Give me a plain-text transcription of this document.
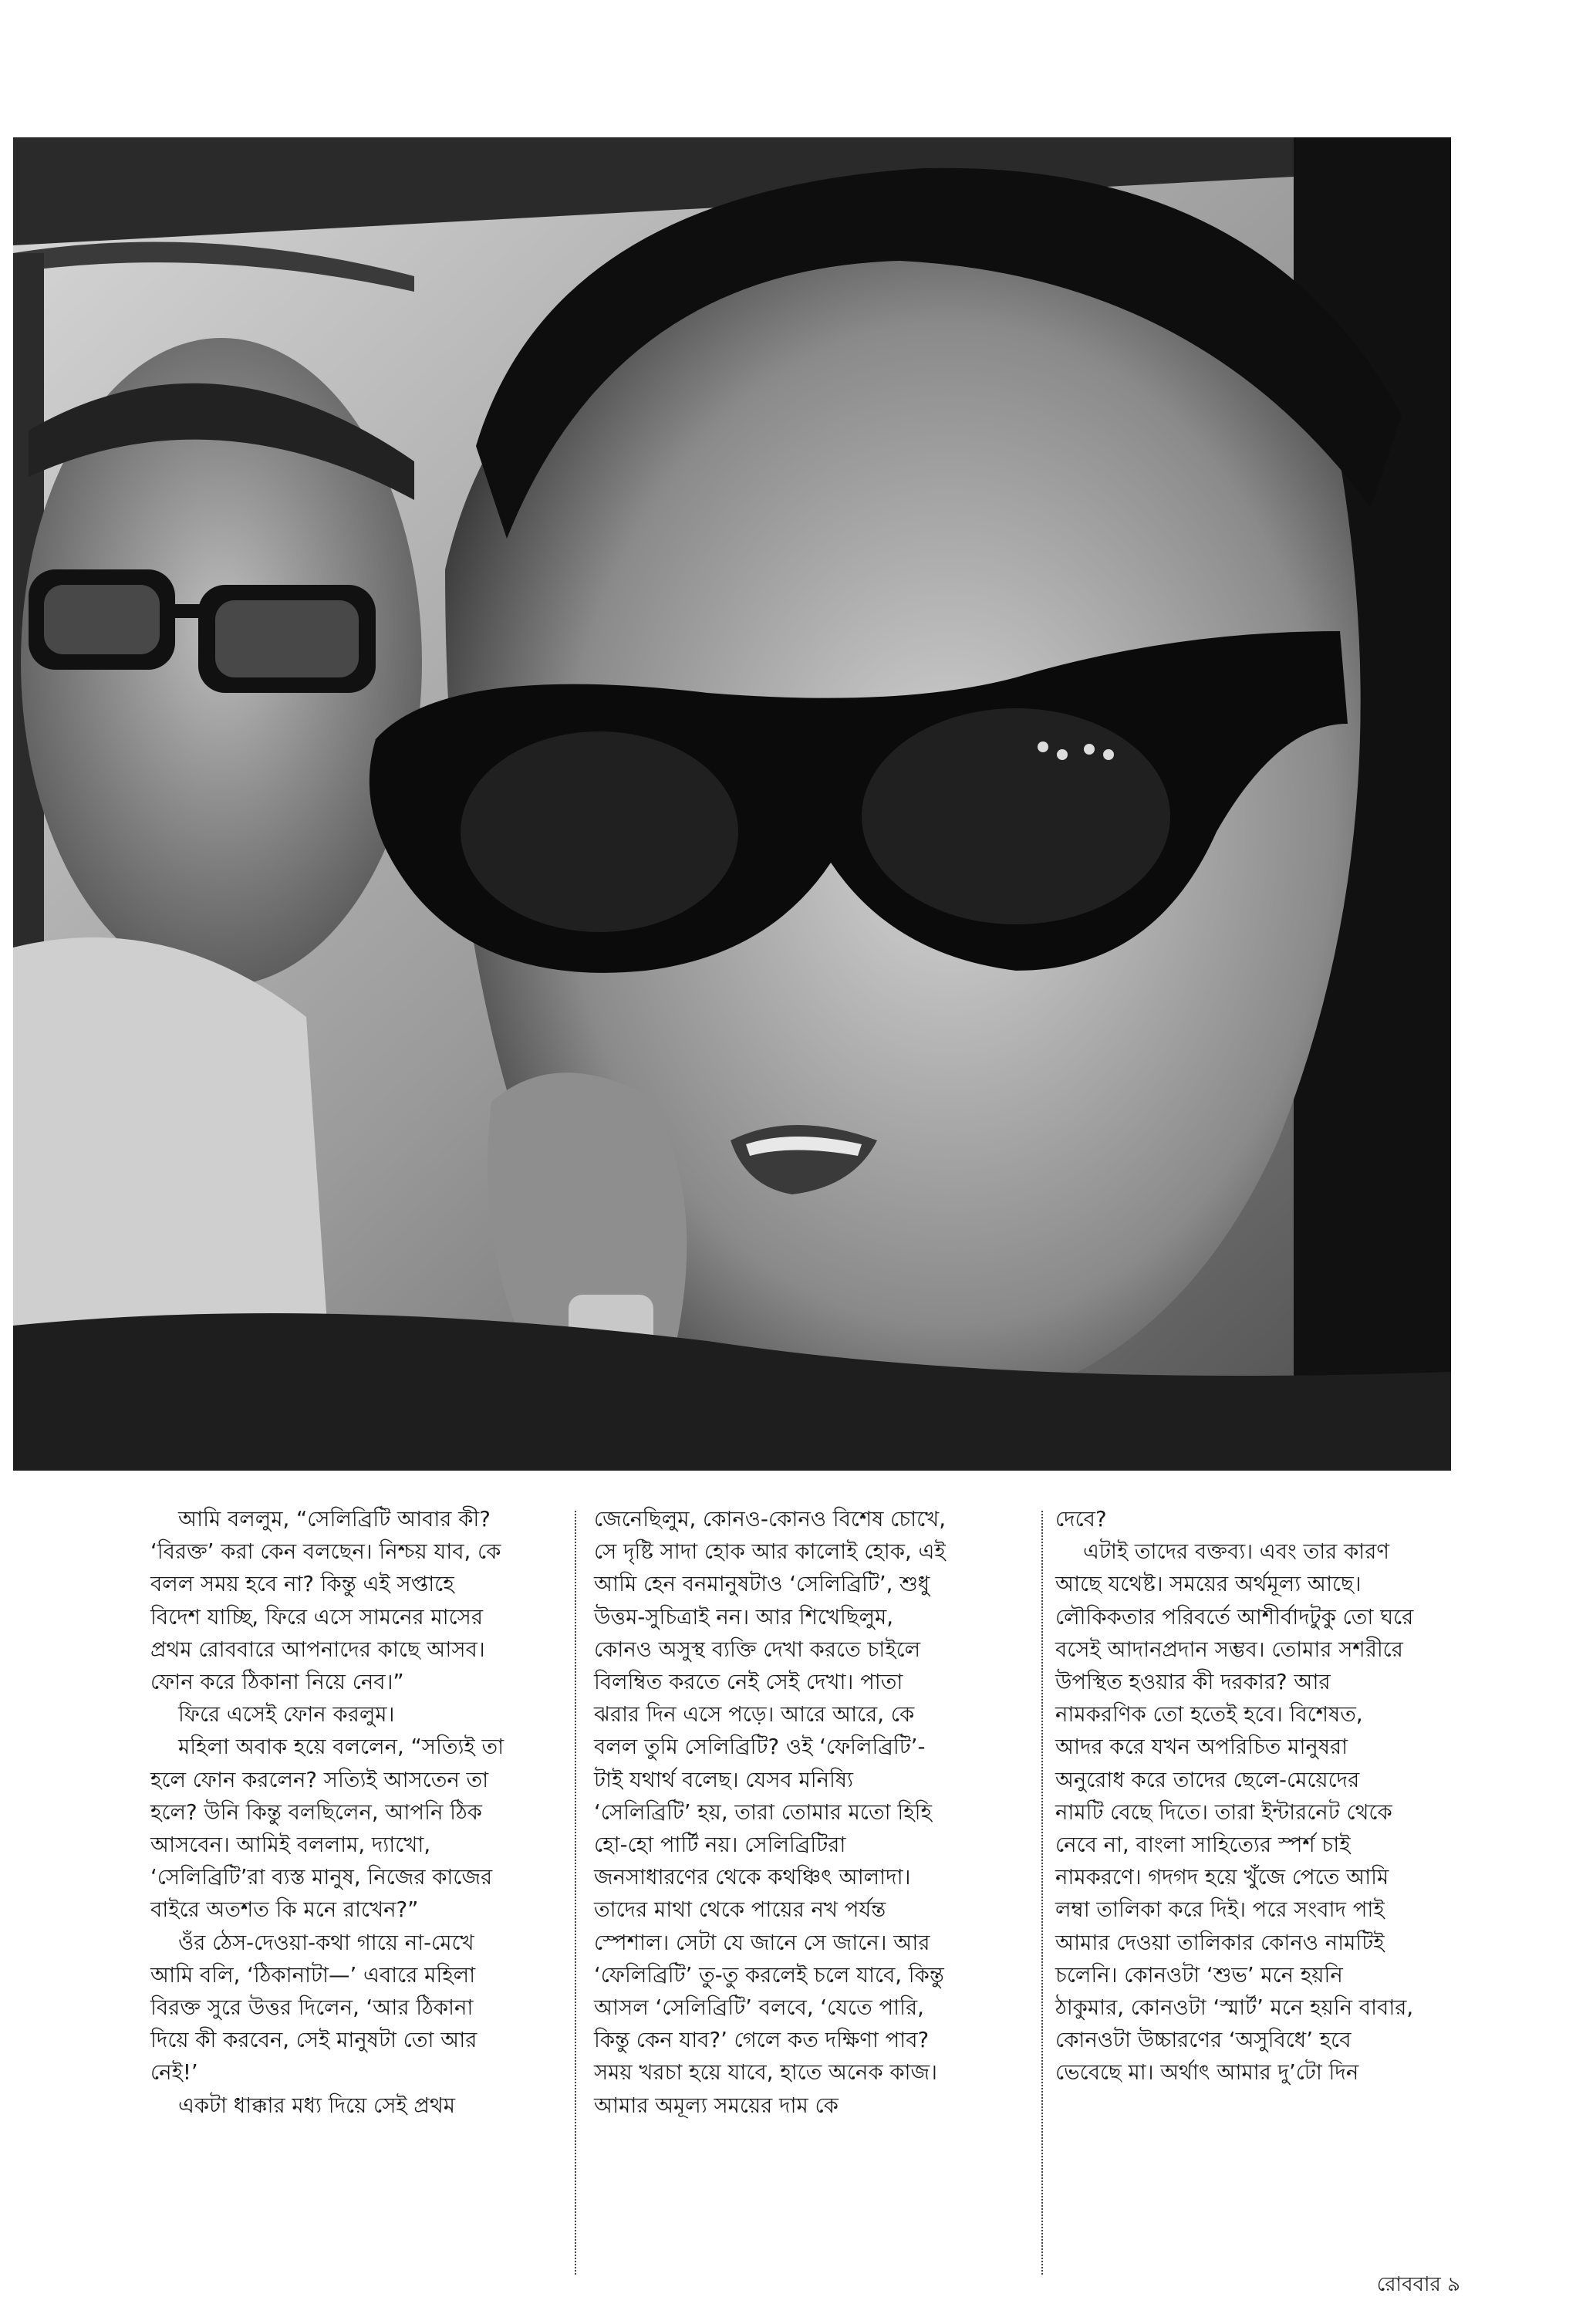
আমি বললুম, “সেলিব্রিটি আবার কী? ‘বিরক্ত’ করা কেন বলছেন। নিশ্চয় যাব, কে বলল সময় হবে না? কিন্তু এই সপ্তাহে বিদেশ যাচ্ছি, ফিরে এসে সামনের মাসের প্রথম রোববারে আপনাদের কাছে আসব। ফোন করে ঠিকানা নিয়ে নেব।”

ফিরে এসেই ফোন করলুম।

মহিলা অবাক হয়ে বললেন, “সত্যিই তা হলে ফোন করলেন? সত্যিই আসতেন তা হলে? উনি কিন্তু বলছিলেন, আপনি ঠিক আসবেন। আমিই বললাম, দ্যাখো, ‘সেলিব্রিটি’রা ব্যস্ত মানুষ, নিজের কাজের বাইরে অতশত কি মনে রাখেন?”

ওঁর ঠেস-দেওয়া-কথা গায়ে না-মেখে আমি বলি, ‘ঠিকানাটা—’ এবারে মহিলা বিরক্ত সুরে উত্তর দিলেন, ‘আর ঠিকানা দিয়ে কী করবেন, সেই মানুষটা তো আর নেই!’

একটা ধাক্কার মধ্য দিয়ে সেই প্রথম

জেনেছিলুম, কোনও-কোনও বিশেষ চোখে, সে দৃষ্টি সাদা হোক আর কালোই হোক, এই আমি হেন বনমানুষটাও ‘সেলিব্রিটি’, শুধু উত্তম-সুচিত্রাই নন। আর শিখেছিলুম, কোনও অসুস্থ ব্যক্তি দেখা করতে চাইলে বিলম্বিত করতে নেই সেই দেখা। পাতা ঝরার দিন এসে পড়ে। আরে আরে, কে বলল তুমি সেলিব্রিটি? ওই ‘ফেলিব্রিটি’-টাই যথার্থ বলেছ। যেসব মনিষ্যি ‘সেলিব্রিটি’ হয়, তারা তোমার মতো হিহি হো-হো পার্টি নয়। সেলিব্রিটিরা জনসাধারণের থেকে কথঞ্চিৎ আলাদা। তাদের মাথা থেকে পায়ের নখ পর্যন্ত স্পেশাল। সেটা যে জানে সে জানে। আর ‘ফেলিব্রিটি’ তু-তু করলেই চলে যাবে, কিন্তু আসল ‘সেলিব্রিটি’ বলবে, ‘যেতে পারি, কিন্তু কেন যাব?’ গেলে কত দক্ষিণা পাব? সময় খরচা হয়ে যাবে, হাতে অনেক কাজ। আমার অমূল্য সময়ের দাম কে

দেবে?

এটাই তাদের বক্তব্য। এবং তার কারণ আছে যথেষ্ট। সময়ের অর্থমূল্য আছে। লৌকিকতার পরিবর্তে আশীর্বাদটুকু তো ঘরে বসেই আদানপ্রদান সম্ভব। তোমার সশরীরে উপস্থিত হওয়ার কী দরকার? আর নামকরণিক তো হতেই হবে। বিশেষত, আদর করে যখন অপরিচিত মানুষরা অনুরোধ করে তাদের ছেলে-মেয়েদের নামটি বেছে দিতে। তারা ইন্টারনেট থেকে নেবে না, বাংলা সাহিত্যের স্পর্শ চাই নামকরণে। গদগদ হয়ে খুঁজে পেতে আমি লম্বা তালিকা করে দিই। পরে সংবাদ পাই আমার দেওয়া তালিকার কোনও নামটিই চলেনি। কোনওটা ‘শুভ’ মনে হয়নি ঠাকুমার, কোনওটা ‘স্মার্ট’ মনে হয়নি বাবার, কোনওটা উচ্চারণের ‘অসুবিধে’ হবে ভেবেছে মা। অর্থাৎ আমার দু’টো দিন

রোববার ৯
